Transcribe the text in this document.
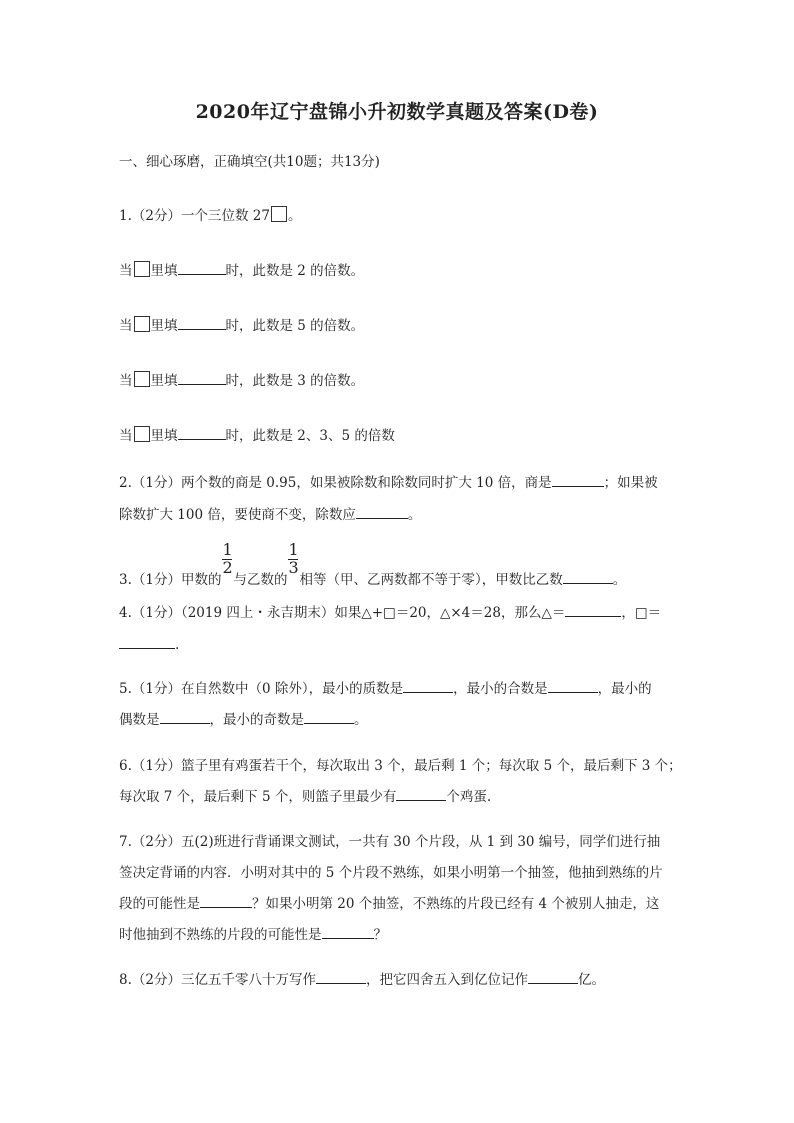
2020年辽宁盘锦小升初数学真题及答案(D卷)
一、细心琢磨，正确填空(共10题；共13分)
1.（2分）一个三位数 27 。
当 里填	时，此数是 2 的倍数。
当 里填	时，此数是 5 的倍数。
当 里填	时，此数是 3 的倍数。
当 里填	时，此数是 2、3、5 的倍数
2.（1分）两个数的商是 0.95，如果被除数和除数同时扩大 10 倍，商是	；如果被
除数扩大 100 倍，要使商不变，除数应	。
3.（1分）甲数的 $\frac{1}{2}$ 与乙数的 $\frac{1}{3}$ 相等（甲、乙两数都不等于零），甲数比乙数	。
4.（1分）（2019 四上・永吉期末）如果△+□＝20，△×4＝28，那么△＝	，□＝
.
5.（1分）在自然数中（0 除外），最小的质数是	，最小的合数是	，最小的
偶数是	，最小的奇数是	。
6.（1分）篮子里有鸡蛋若干个，每次取出 3 个，最后剩 1 个；每次取 5 个，最后剩下 3 个；
每次取 7 个，最后剩下 5 个，则篮子里最少有	个鸡蛋.
7.（2分）五(2)班进行背诵课文测试，一共有 30 个片段，从 1 到 30 编号，同学们进行抽
签决定背诵的内容．小明对其中的 5 个片段不熟练，如果小明第一个抽签，他抽到熟练的片
段的可能性是	？如果小明第 20 个抽签，不熟练的片段已经有 4 个被别人抽走，这
时他抽到不熟练的片段的可能性是	？
8.（2分）三亿五千零八十万写作	，把它四舍五入到亿位记作	亿。
